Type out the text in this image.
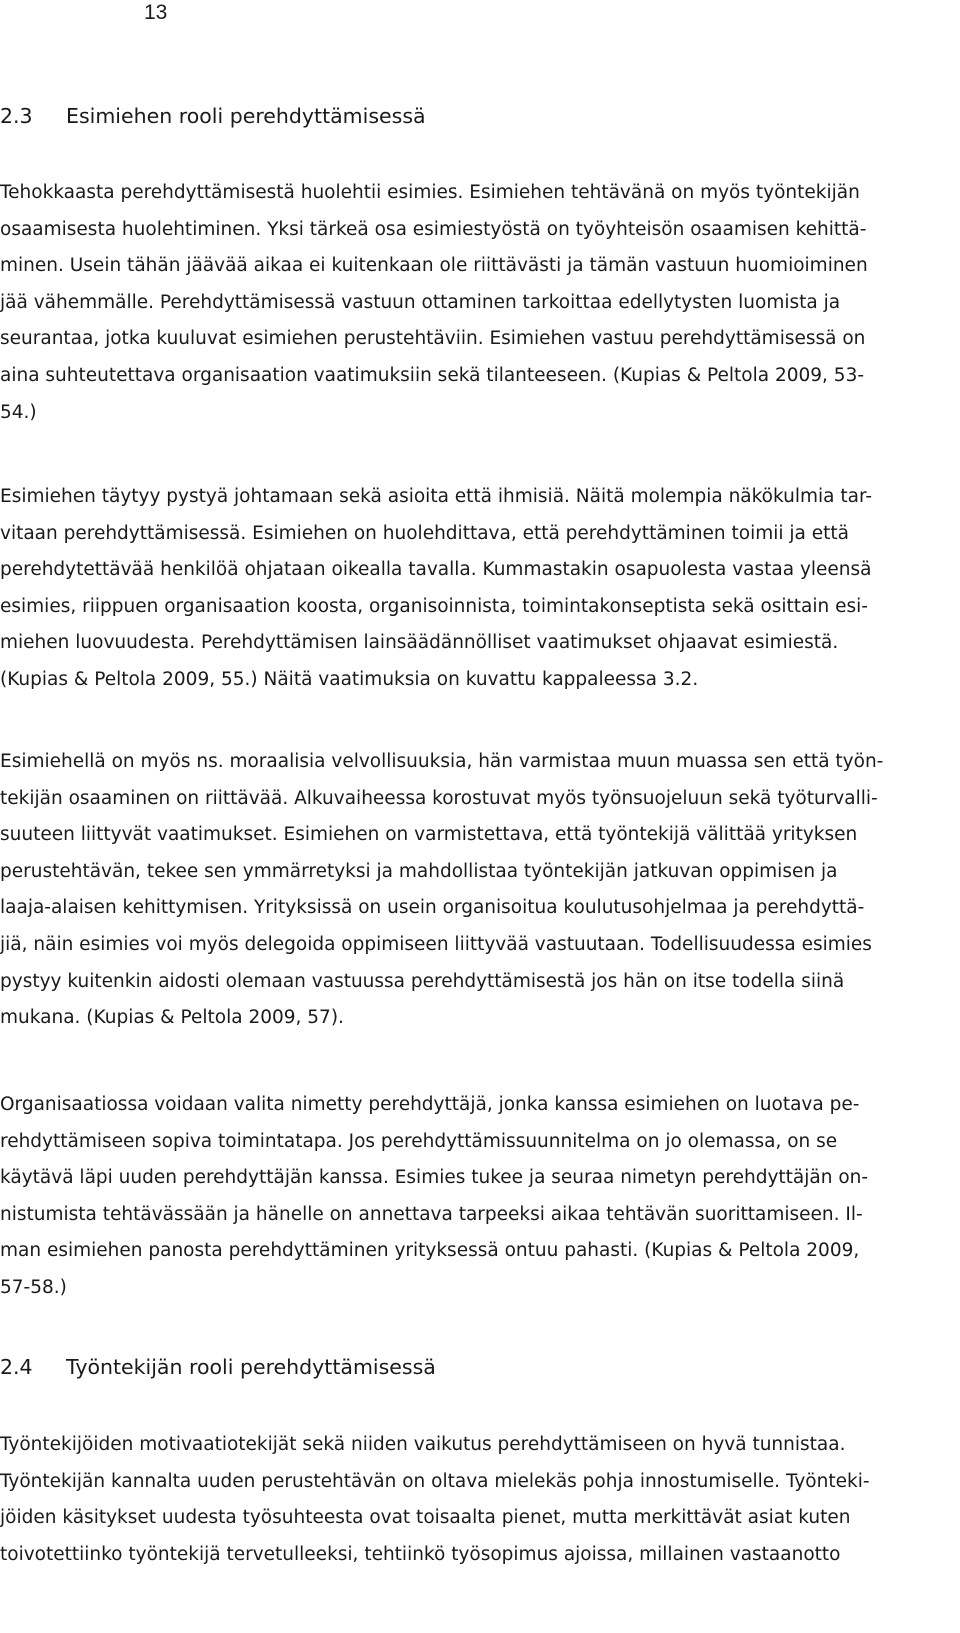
13
2.3 Esimiehen rooli perehdyttämisessä
Tehokkaasta perehdyttämisestä huolehtii esimies. Esimiehen tehtävänä on myös työntekijän
osaamisesta huolehtiminen. Yksi tärkeä osa esimiestyöstä on työyhteisön osaamisen kehittä-
minen. Usein tähän jäävää aikaa ei kuitenkaan ole riittävästi ja tämän vastuun huomioiminen
jää vähemmälle. Perehdyttämisessä vastuun ottaminen tarkoittaa edellytysten luomista ja
seurantaa, jotka kuuluvat esimiehen perustehtäviin. Esimiehen vastuu perehdyttämisessä on
aina suhteutettava organisaation vaatimuksiin sekä tilanteeseen. (Kupias & Peltola 2009, 53-
54.)
Esimiehen täytyy pystyä johtamaan sekä asioita että ihmisiä. Näitä molempia näkökulmia tar-
vitaan perehdyttämisessä. Esimiehen on huolehdittava, että perehdyttäminen toimii ja että
perehdytettävää henkilöä ohjataan oikealla tavalla. Kummastakin osapuolesta vastaa yleensä
esimies, riippuen organisaation koosta, organisoinnista, toimintakonseptista sekä osittain esi-
miehen luovuudesta. Perehdyttämisen lainsäädännölliset vaatimukset ohjaavat esimiestä.
(Kupias & Peltola 2009, 55.) Näitä vaatimuksia on kuvattu kappaleessa 3.2.
Esimiehellä on myös ns. moraalisia velvollisuuksia, hän varmistaa muun muassa sen että työn-
tekijän osaaminen on riittävää. Alkuvaiheessa korostuvat myös työnsuojeluun sekä työturvalli-
suuteen liittyvät vaatimukset. Esimiehen on varmistettava, että työntekijä välittää yrityksen
perustehtävän, tekee sen ymmärretyksi ja mahdollistaa työntekijän jatkuvan oppimisen ja
laaja-alaisen kehittymisen. Yrityksissä on usein organisoitua koulutusohjelmaa ja perehdyttä-
jiä, näin esimies voi myös delegoida oppimiseen liittyvää vastuutaan. Todellisuudessa esimies
pystyy kuitenkin aidosti olemaan vastuussa perehdyttämisestä jos hän on itse todella siinä
mukana. (Kupias & Peltola 2009, 57).
Organisaatiossa voidaan valita nimetty perehdyttäjä, jonka kanssa esimiehen on luotava pe-
rehdyttämiseen sopiva toimintatapa. Jos perehdyttämissuunnitelma on jo olemassa, on se
käytävä läpi uuden perehdyttäjän kanssa. Esimies tukee ja seuraa nimetyn perehdyttäjän on-
nistumista tehtävässään ja hänelle on annettava tarpeeksi aikaa tehtävän suorittamiseen. Il-
man esimiehen panosta perehdyttäminen yrityksessä ontuu pahasti. (Kupias & Peltola 2009,
57-58.)
2.4 Työntekijän rooli perehdyttämisessä
Työntekijöiden motivaatiotekijät sekä niiden vaikutus perehdyttämiseen on hyvä tunnistaa.
Työntekijän kannalta uuden perustehtävän on oltava mielekäs pohja innostumiselle. Työnteki-
jöiden käsitykset uudesta työsuhteesta ovat toisaalta pienet, mutta merkittävät asiat kuten
toivotettiinko työntekijä tervetulleeksi, tehtiinkö työsopimus ajoissa, millainen vastaanotto
